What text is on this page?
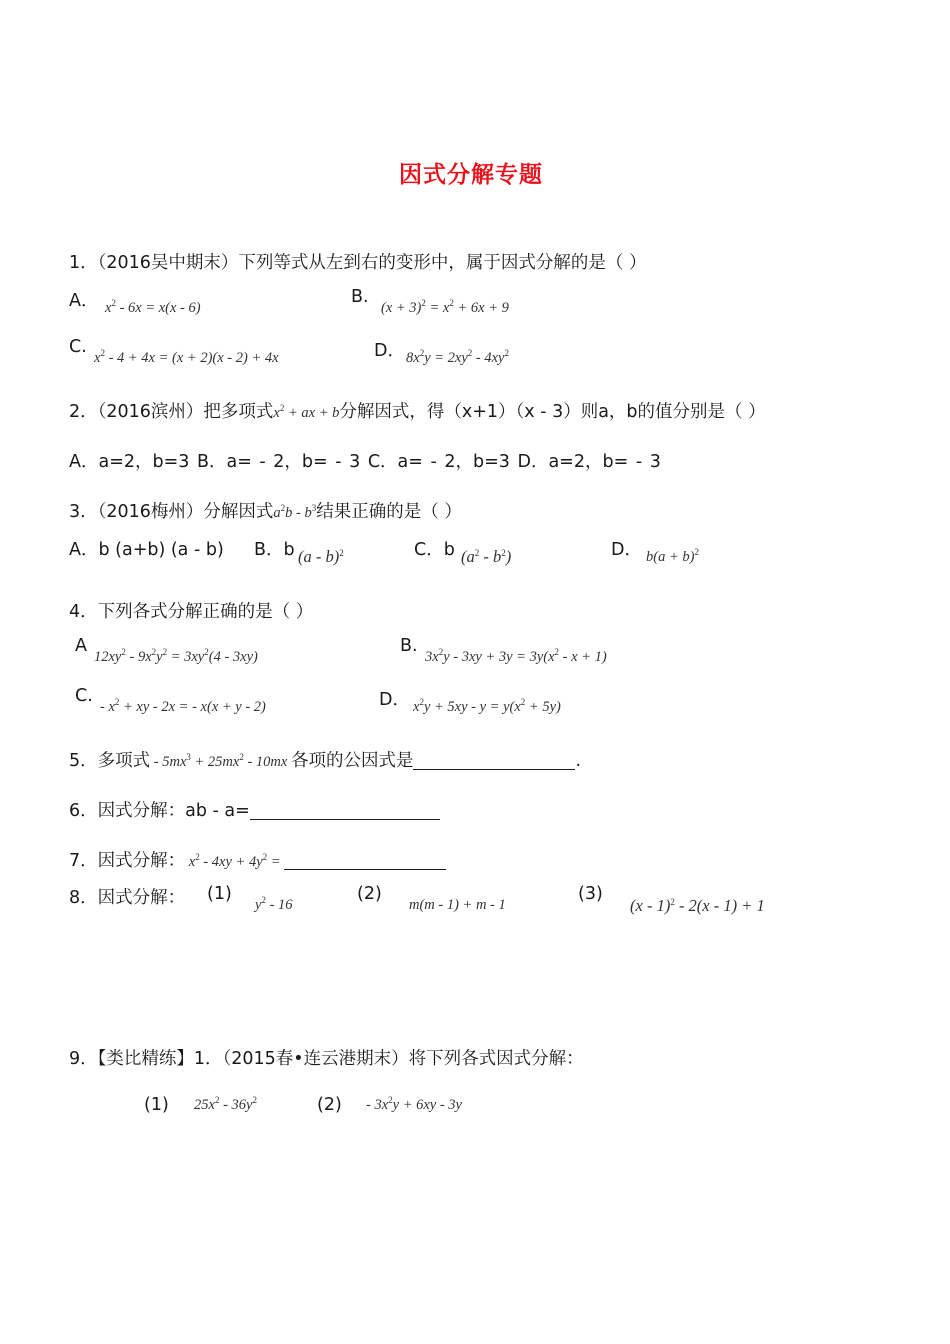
因式分解专题
1．（2016吴中期末）下列等式从左到右的变形中，属于因式分解的是（ ）
A． $x^2 - 6x = x(x - 6)$
B.
$(x + 3)^2 = x^2 + 6x + 9$
C.
$x^2 - 4 + 4x = (x + 2)(x - 2) + 4x$	D． $8x^2y = 2xy^2 - 4xy^2$
2．（2016滨州）把多项式$x^2$ + ax + b分解因式，得（x+1）（x - 3）则a，b的值分别是（ ）
A．a=2，b=3 B．a= - 2，b= - 3 C．a= - 2，b=3 D．a=2，b= - 3
3．（2016梅州）分解因式$a^2b - b^3$结果正确的是（ ）
A．b (a+b) (a - b) B．b (a - b)$^2$	C．b $(a^2 - b^2)$	D． $b(a + b)^2$
4．下列各式分解正确的是（ ）
A
$12xy^2 - 9x^2y^2 = 3xy^2(4 - 3xy)$
B.
$3x^2y - 3xy + 3y = 3y(x^2 - x + 1)$
C.
- $x^2$ + xy - 2x = - x(x + y - 2)	D． $x^2y + 5xy - y = y(x^2 + 5y)$
5．多项式 - $5mx^3 + 25mx^2 - 10mx$ 各项的公因式是	.
6．因式分解：ab - a=
7．因式分解： $x^2 - 4xy + 4y^2$ =
8．因式分解： (1)
$y^2 - 16$
(2)
m(m - 1) + m - 1
(3)
(x - 1)$^2$ - 2(x - 1) + 1
9．【类比精练】1．（2015春•连云港期末）将下列各式因式分解：
(1) $25x^2 - 36y^2$	$(2) - 3x^2y + 6xy - 3y$
